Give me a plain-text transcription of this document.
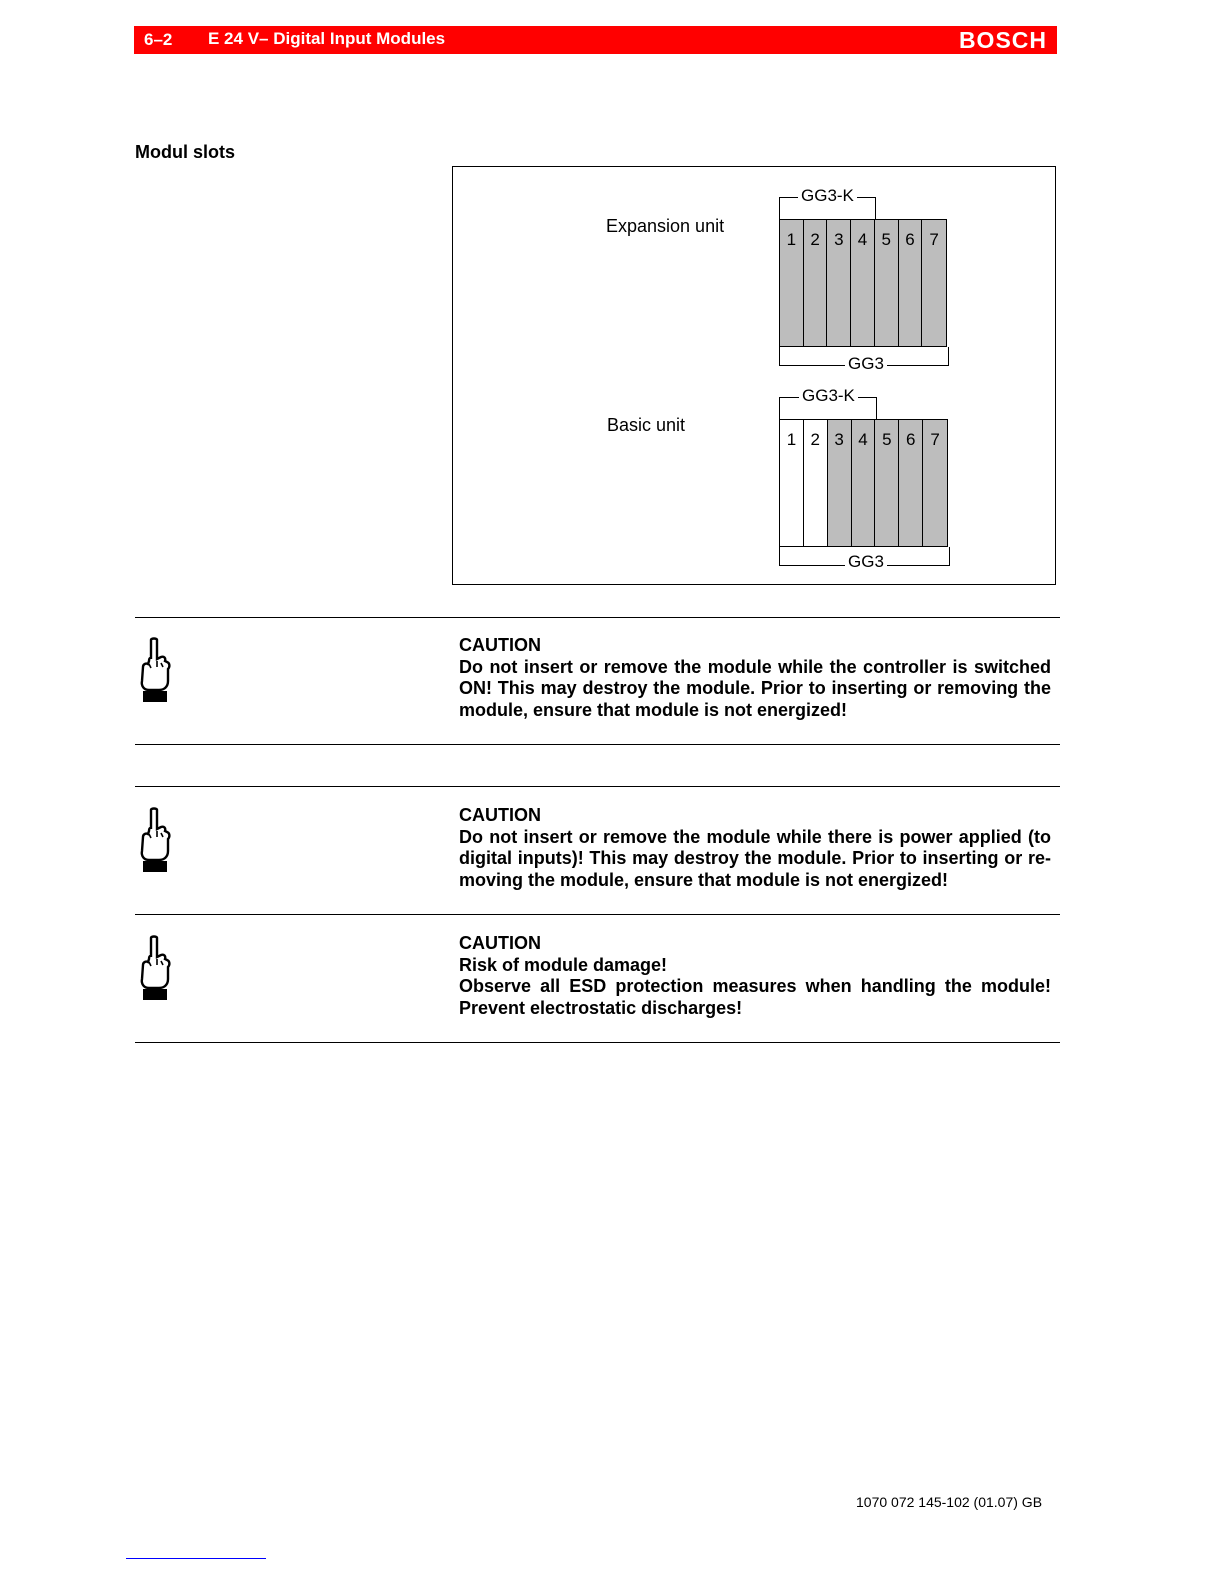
6–2 E 24 V– Digital Input Modules	BOSCH
Modul slots
Expansion unit
GG3-K
1 2 3 4 5 6 7
GG3
Basic unit
GG3-K
1 2 3 4 5 6 7
GG3
CAUTION
Do not insert or remove the module while the controller is switched
ON! This may destroy the module. Prior to inserting or removing the
module, ensure that module is not energized!
CAUTION
Do not insert or remove the module while there is power applied (to
digital inputs)! This may destroy the module. Prior to inserting or re-
moving the module, ensure that module is not energized!
CAUTION
Risk of module damage!
Observe all ESD protection measures when handling the module!
Prevent electrostatic discharges!
1070 072 145-102 (01.07) GB
